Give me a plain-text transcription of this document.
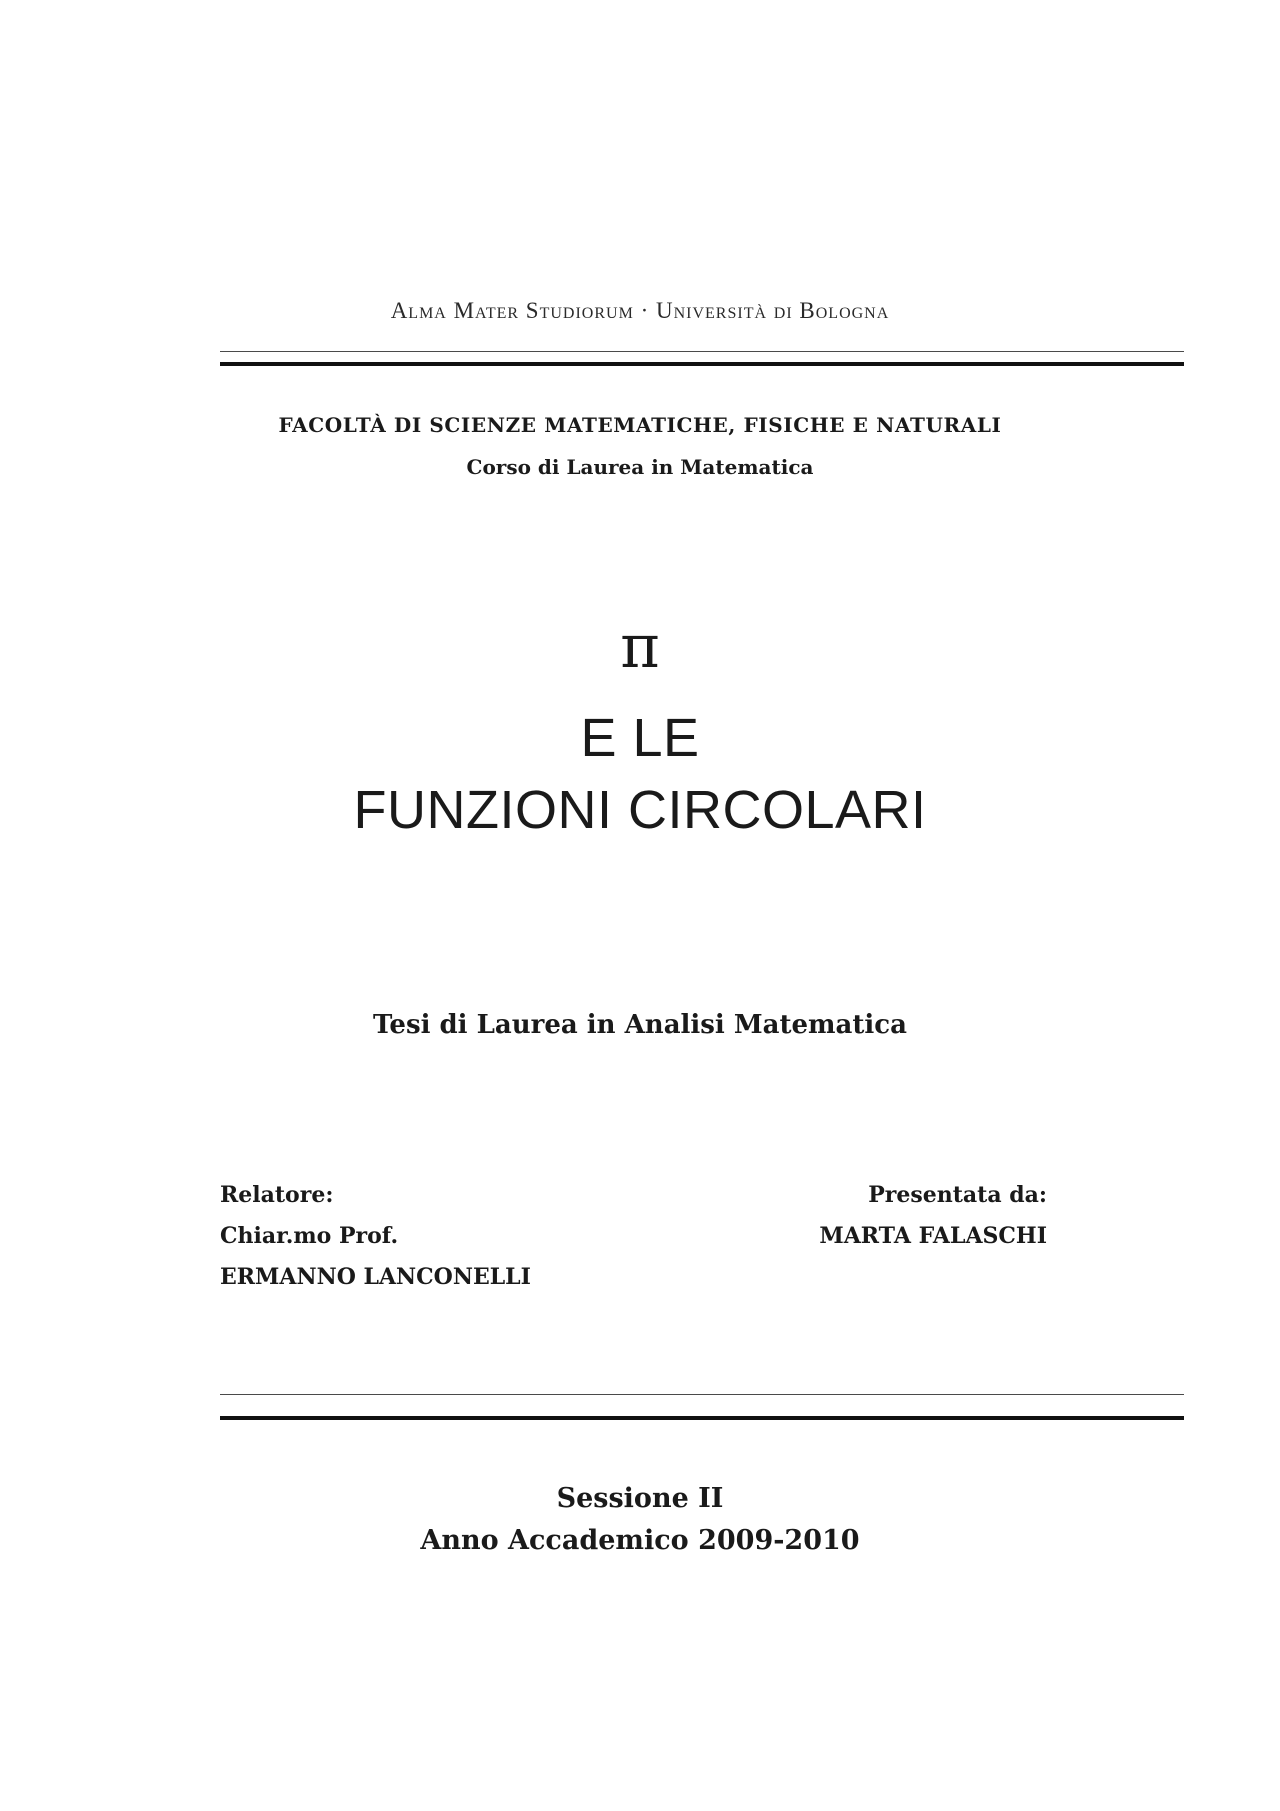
Alma Mater Studiorum · Università di Bologna
FACOLTÀ DI SCIENZE MATEMATICHE, FISICHE E NATURALI
Corso di Laurea in Matematica
π
E LE
FUNZIONI CIRCOLARI
Tesi di Laurea in Analisi Matematica
Relatore:
Chiar.mo Prof.
ERMANNO LANCONELLI
Presentata da:
MARTA FALASCHI
Sessione II
Anno Accademico 2009-2010
